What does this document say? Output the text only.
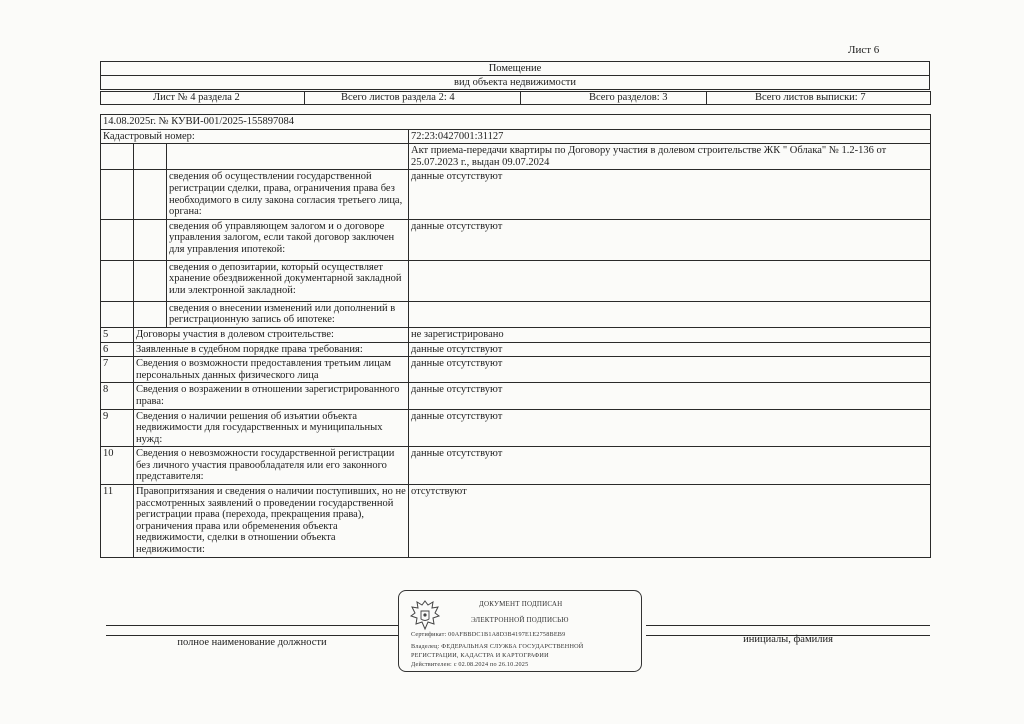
Лист 6
Помещение
вид объекта недвижимости
Лист № 4 раздела 2	Всего листов раздела 2: 4	Всего разделов: 3	Всего листов выписки: 7
14.08.2025г. № КУВИ-001/2025-155897084			
Кадастровый номер:			72:23:0427001:31127
			Акт приема-передачи квартиры по Договору участия в долевом строительстве ЖК " Облака" № 1.2-136 от 25.07.2023 г., выдан 09.07.2024
		сведения об осуществлении государственной регистрации сделки, права, ограничения права без необходимого в силу закона согласия третьего лица, органа:	данные отсутствуют
		сведения об управляющем залогом и о договоре управления залогом, если такой договор заключен для управления ипотекой:	данные отсутствуют
		сведения о депозитарии, который осуществляет хранение обездвиженной документарной закладной или электронной закладной:	
		сведения о внесении изменений или дополнений в регистрационную запись об ипотеке:	
5	Договоры участия в долевом строительстве:		не зарегистрировано
6	Заявленные в судебном порядке права требования:		данные отсутствуют
7	Сведения о возможности предоставления третьим лицам персональных данных физического лица		данные отсутствуют
8	Сведения о возражении в отношении зарегистрированного права:		данные отсутствуют
9	Сведения о наличии решения об изъятии объекта недвижимости для государственных и муниципальных нужд:		данные отсутствуют
10	Сведения о невозможности государственной регистрации без личного участия правообладателя или его законного представителя:		данные отсутствуют
11	Правопритязания и сведения о наличии поступивших, но не рассмотренных заявлений о проведении государственной регистрации права (перехода, прекращения права), ограничения права или обременения объекта недвижимости, сделки в отношении объекта недвижимости:		отсутствуют
ДОКУМЕНТ ПОДПИСАН
ЭЛЕКТРОННОЙ ПОДПИСЬЮ
Сертификат: 00AFBBDC1B1A8D3B4197E1E2758BEB9
Владелец: ФЕДЕРАЛЬНАЯ СЛУЖБА ГОСУДАРСТВЕННОЙ
РЕГИСТРАЦИИ, КАДАСТРА И КАРТОГРАФИИ
Действителен: с 02.08.2024 по 26.10.2025
полное наименование должности	инициалы, фамилия
